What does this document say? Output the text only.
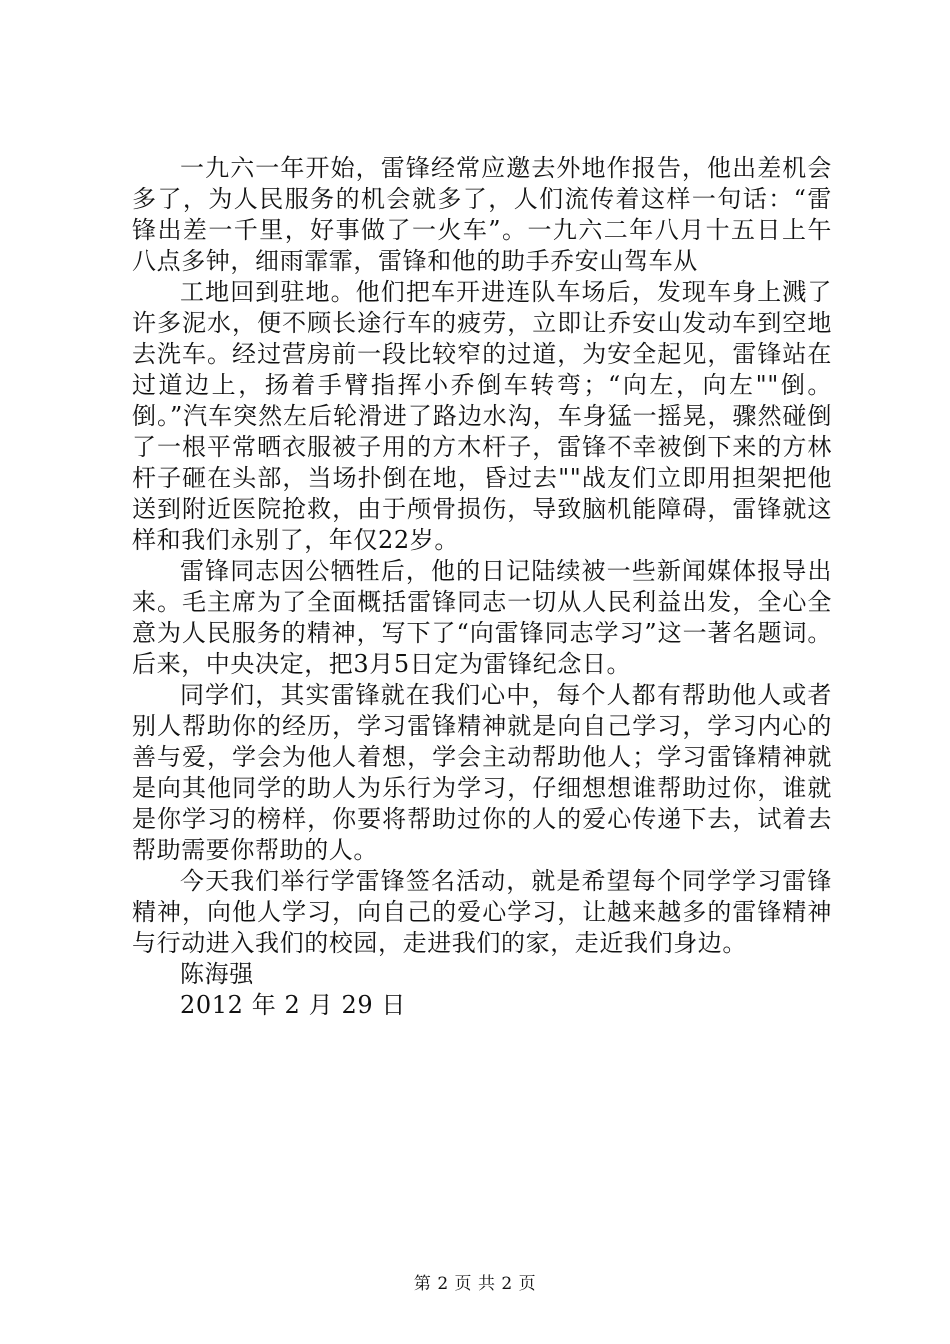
一九六一年开始，雷锋经常应邀去外地作报告，他出差机会多了，为人民服务的机会就多了，人们流传着这样一句话：“雷锋出差一千里，好事做了一火车”。一九六二年八月十五日上午八点多钟，细雨霏霏，雷锋和他的助手乔安山驾车从

工地回到驻地。他们把车开进连队车场后，发现车身上溅了许多泥水，便不顾长途行车的疲劳，立即让乔安山发动车到空地去洗车。经过营房前一段比较窄的过道，为安全起见，雷锋站在过道边上，扬着手臂指挥小乔倒车转弯；“向左，向左""倒。倒。”汽车突然左后轮滑进了路边水沟，车身猛一摇晃，骤然碰倒了一根平常晒衣服被子用的方木杆子，雷锋不幸被倒下来的方林杆子砸在头部，当场扑倒在地，昏过去""战友们立即用担架把他送到附近医院抢救，由于颅骨损伤，导致脑机能障碍，雷锋就这样和我们永别了，年仅22岁。

雷锋同志因公牺牲后，他的日记陆续被一些新闻媒体报导出来。毛主席为了全面概括雷锋同志一切从人民利益出发，全心全意为人民服务的精神，写下了“向雷锋同志学习”这一著名题词。后来，中央决定，把3月5日定为雷锋纪念日。

同学们，其实雷锋就在我们心中，每个人都有帮助他人或者别人帮助你的经历，学习雷锋精神就是向自己学习，学习内心的善与爱，学会为他人着想，学会主动帮助他人；学习雷锋精神就是向其他同学的助人为乐行为学习，仔细想想谁帮助过你，谁就是你学习的榜样，你要将帮助过你的人的爱心传递下去，试着去帮助需要你帮助的人。

今天我们举行学雷锋签名活动，就是希望每个同学学习雷锋精神，向他人学习，向自己的爱心学习，让越来越多的雷锋精神与行动进入我们的校园，走进我们的家，走近我们身边。

陈海强

2012 年 2 月 29 日

第 2 页 共 2 页
